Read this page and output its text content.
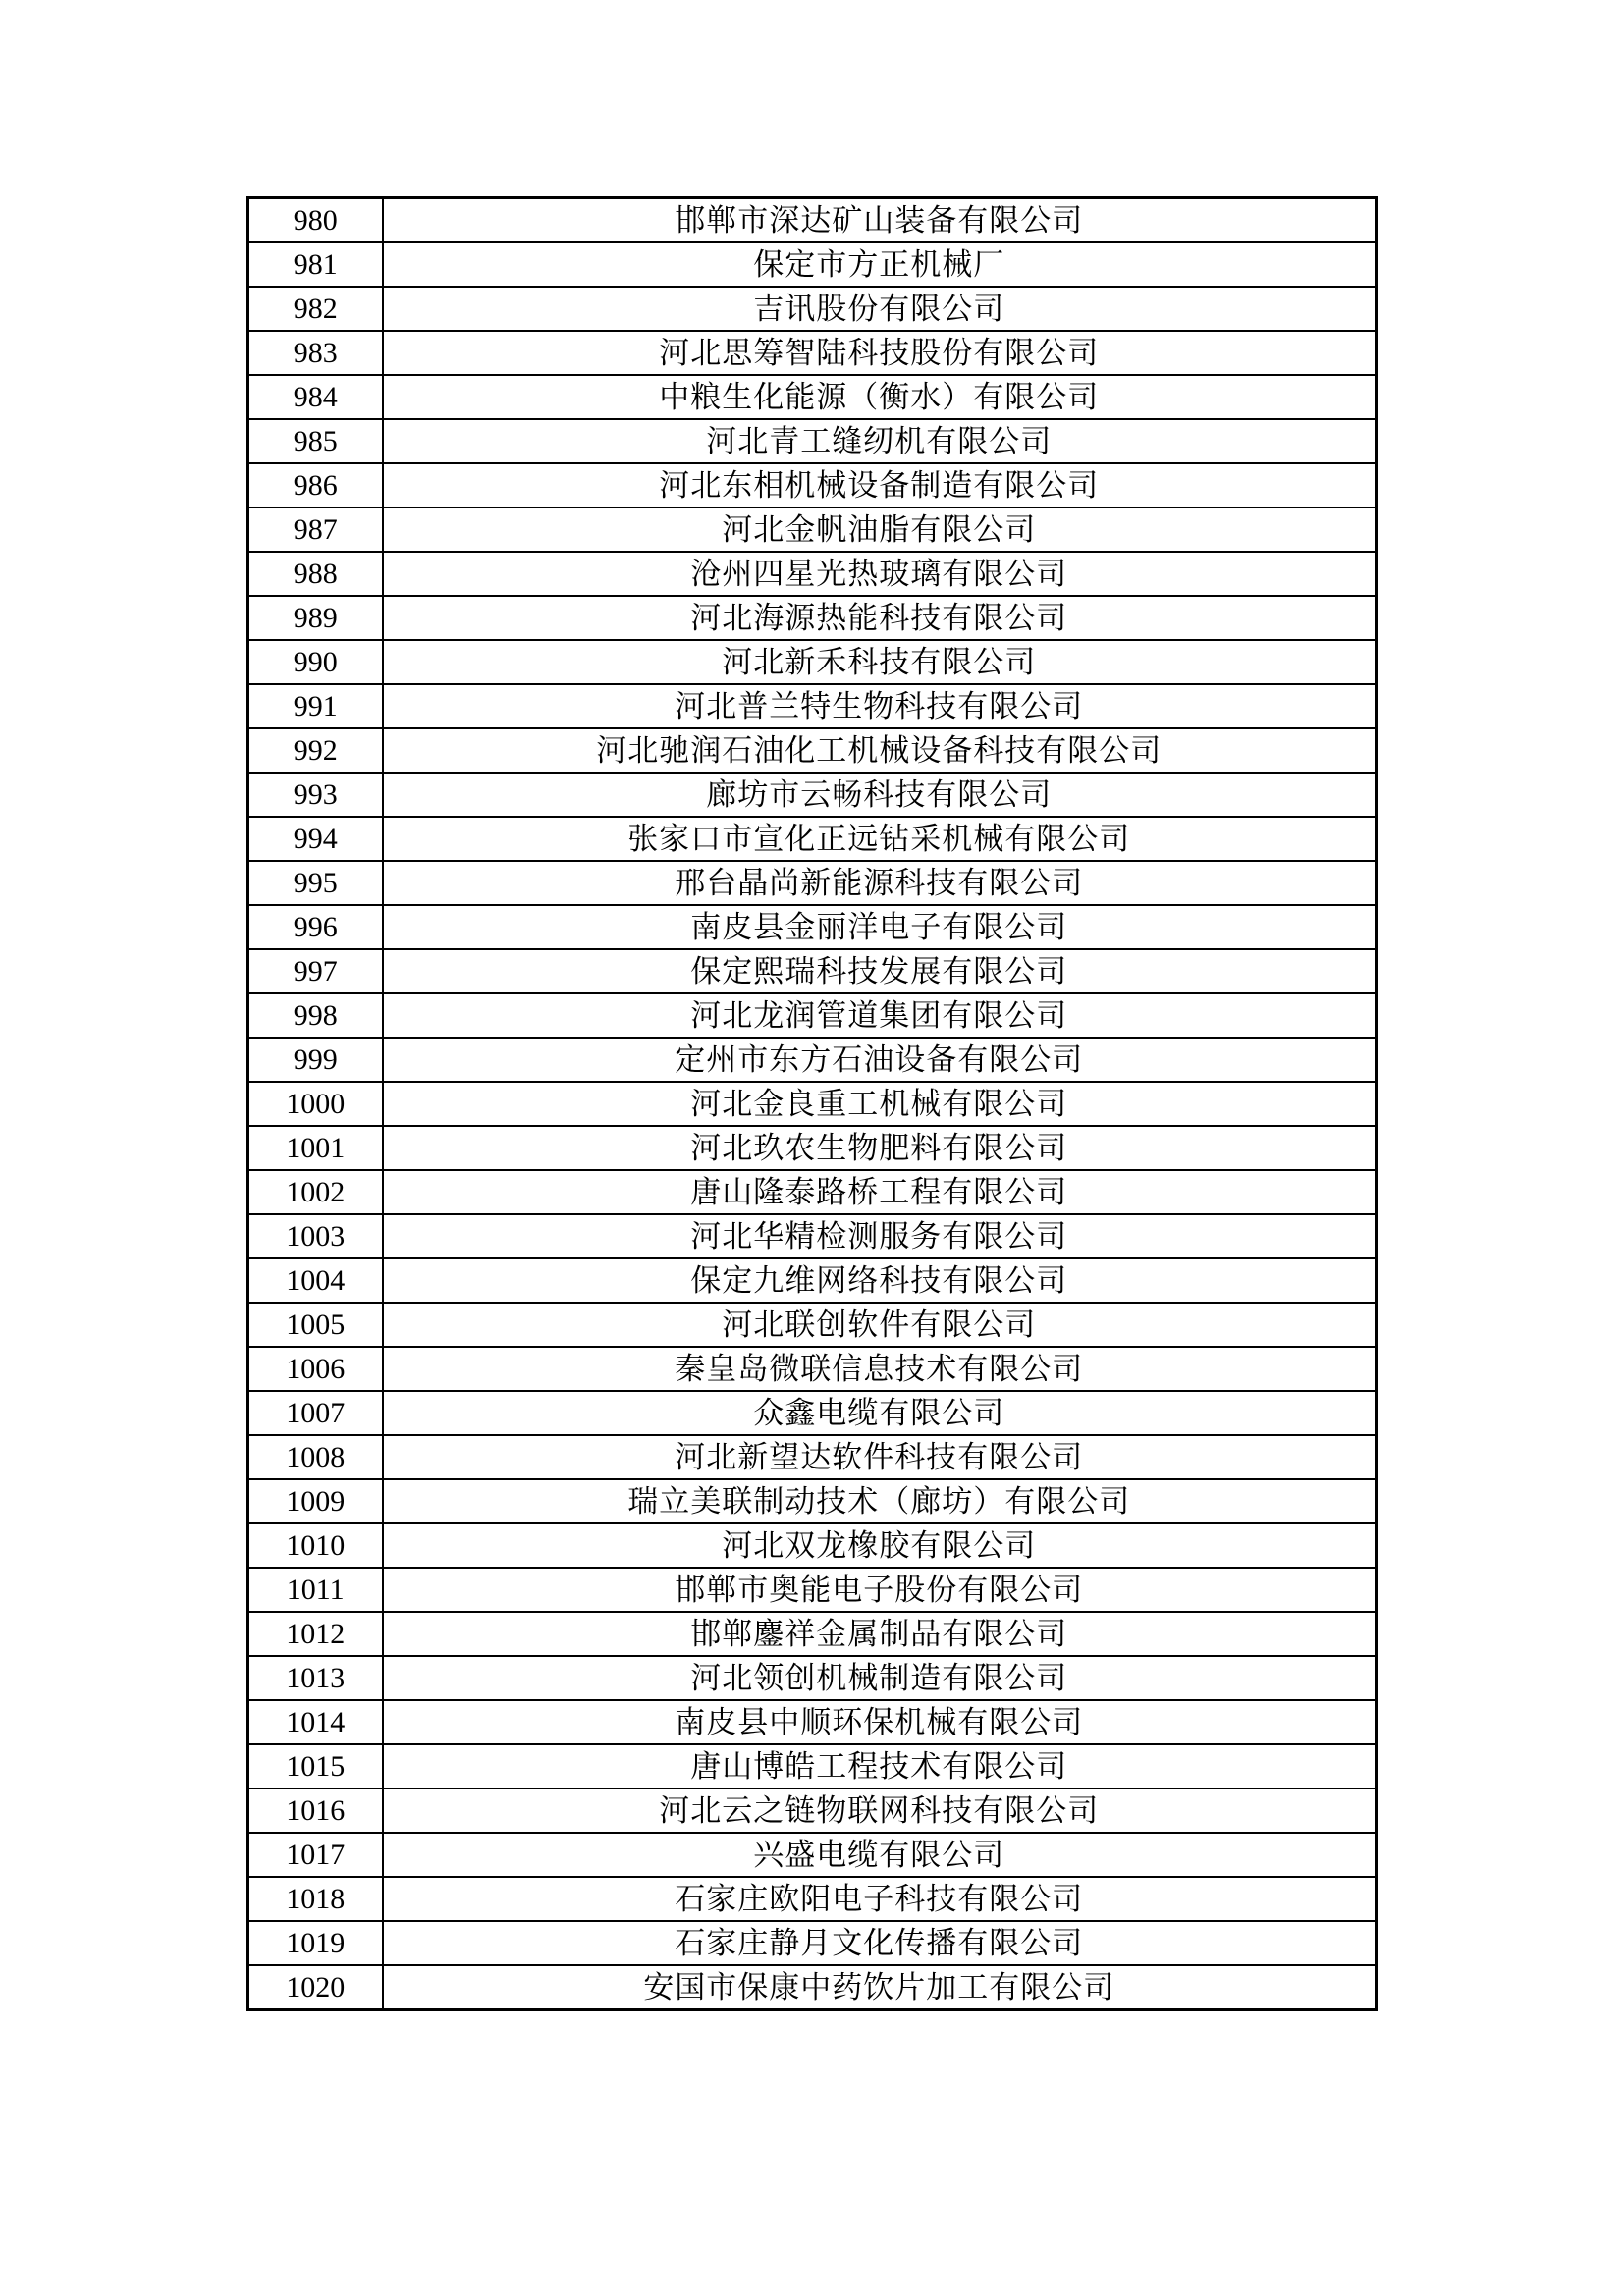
980	邯郸市深达矿山装备有限公司
981	保定市方正机械厂
982	吉讯股份有限公司
983	河北思筹智陆科技股份有限公司
984	中粮生化能源（衡水）有限公司
985	河北青工缝纫机有限公司
986	河北东相机械设备制造有限公司
987	河北金帆油脂有限公司
988	沧州四星光热玻璃有限公司
989	河北海源热能科技有限公司
990	河北新禾科技有限公司
991	河北普兰特生物科技有限公司
992	河北驰润石油化工机械设备科技有限公司
993	廊坊市云畅科技有限公司
994	张家口市宣化正远钻采机械有限公司
995	邢台晶尚新能源科技有限公司
996	南皮县金丽洋电子有限公司
997	保定熙瑞科技发展有限公司
998	河北龙润管道集团有限公司
999	定州市东方石油设备有限公司
1000	河北金良重工机械有限公司
1001	河北玖农生物肥料有限公司
1002	唐山隆泰路桥工程有限公司
1003	河北华精检测服务有限公司
1004	保定九维网络科技有限公司
1005	河北联创软件有限公司
1006	秦皇岛微联信息技术有限公司
1007	众鑫电缆有限公司
1008	河北新望达软件科技有限公司
1009	瑞立美联制动技术（廊坊）有限公司
1010	河北双龙橡胶有限公司
1011	邯郸市奥能电子股份有限公司
1012	邯郸鏖祥金属制品有限公司
1013	河北领创机械制造有限公司
1014	南皮县中顺环保机械有限公司
1015	唐山博皓工程技术有限公司
1016	河北云之链物联网科技有限公司
1017	兴盛电缆有限公司
1018	石家庄欧阳电子科技有限公司
1019	石家庄静月文化传播有限公司
1020	安国市保康中药饮片加工有限公司
